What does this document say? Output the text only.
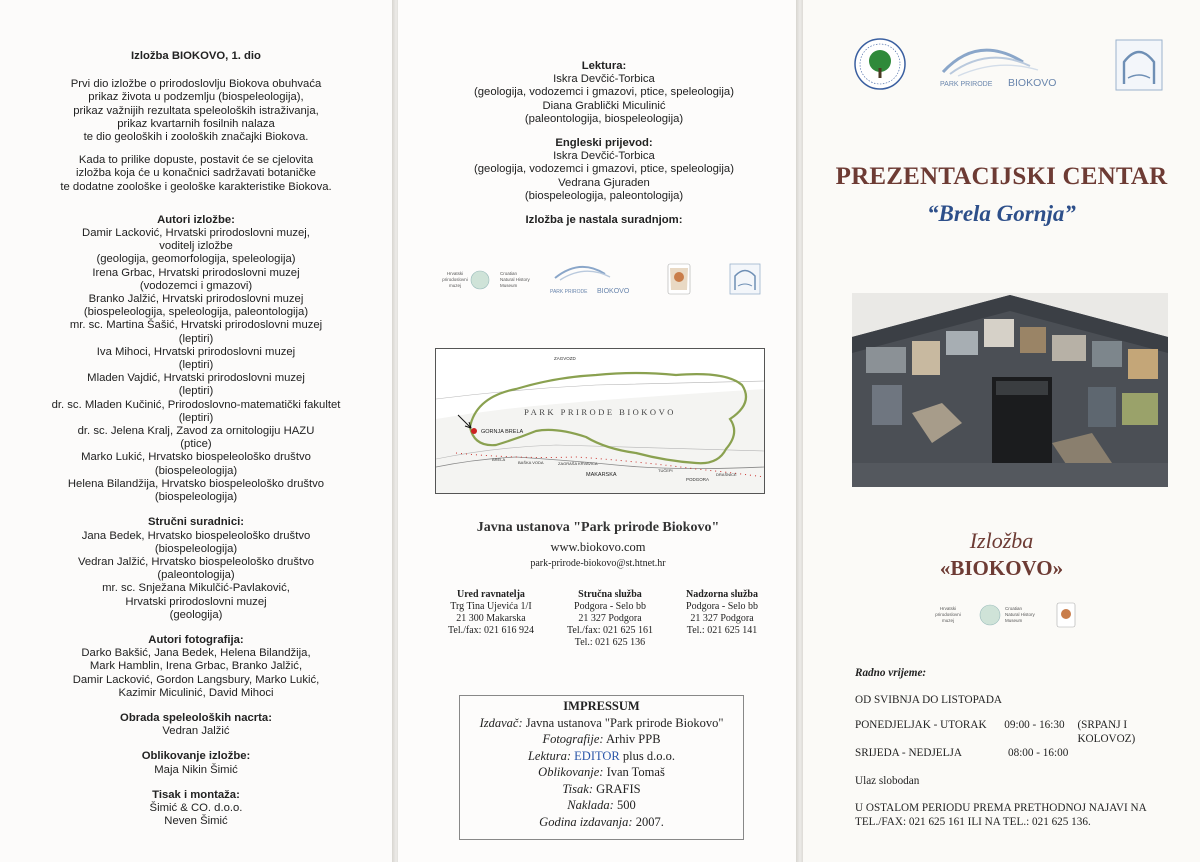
Izložba BIOKOVO, 1. dio
Prvi dio izložbe o prirodoslovlju Biokova obuhvaća
prikaz života u podzemlju (biospeleologija),
prikaz važnijih rezultata speleoloških istraživanja,
prikaz kvartarnih fosilnih nalaza
te dio geoloških i zooloških značajki Biokova.
Kada to prilike dopuste, postavit će se cjelovita
izložba koja će u konačnici sadržavati botaničke
te dodatne zoološke i geološke karakteristike Biokova.
Autori izložbe:
Damir Lacković, Hrvatski prirodoslovni muzej,
voditelj izložbe
(geologija, geomorfologija, speleologija)
Irena Grbac, Hrvatski prirodoslovni muzej
(vodozemci i gmazovi)
Branko Jalžić, Hrvatski prirodoslovni muzej
(biospeleologija, speleologija, paleontologija)
mr. sc. Martina Šašić, Hrvatski prirodoslovni muzej
(leptiri)
Iva Mihoci, Hrvatski prirodoslovni muzej
(leptiri)
Mladen Vajdić, Hrvatski prirodoslovni muzej
(leptiri)
dr. sc. Mladen Kučinić, Prirodoslovno-matematički fakultet
(leptiri)
dr. sc. Jelena Kralj, Zavod za ornitologiju HAZU
(ptice)
Marko Lukić, Hrvatsko biospeleološko društvo
(biospeleologija)
Helena Bilandžija, Hrvatsko biospeleološko društvo
(biospeleologija)
Stručni suradnici:
Jana Bedek, Hrvatsko biospeleološko društvo
(biospeleologija)
Vedran Jalžić, Hrvatsko biospeleološko društvo
(paleontologija)
mr. sc. Snježana Mikulčić-Pavlaković,
Hrvatski prirodoslovni muzej
(geologija)
Autori fotografija:
Darko Bakšić, Jana Bedek, Helena Bilandžija,
Mark Hamblin, Irena Grbac, Branko Jalžić,
Damir Lacković, Gordon Langsbury, Marko Lukić,
Kazimir Miculinić, David Mihoci
Obrada speleoloških nacrta:
Vedran Jalžić
Oblikovanje izložbe:
Maja Nikin Šimić
Tisak i montaža:
Šimić & CO. d.o.o.
Neven Šimić
Lektura:
Iskra Devčić-Torbica
(geologija, vodozemci i gmazovi, ptice, speleologija)
Diana Grablički Miculinić
(paleontologija, biospeleologija)
Engleski prijevod:
Iskra Devčić-Torbica
(geologija, vodozemci i gmazovi, ptice, speleologija)
Vedrana Gjuraden
(biospeleologija, paleontologija)
Izložba je nastala suradnjom:
Hrvatski
prirodoslovni
muzej
Croatian
Natural History
Museum
PARK PRIRODE BIOKOVO
PARK PRIRODE BIOKOVO
GORNJA BRELA
ZAGVOZD
MAKARSKA
PODGORA
BRELA
BAŠKA VODA	ZAGRAŠA KRVAVICA
TUČEPI
DRAŠNICE
Javna ustanova "Park prirode Biokovo"
www.biokovo.com
park-prirode-biokovo@st.htnet.hr
Ured ravnatelja
Trg Tina Ujevića 1/I
21 300 Makarska
Tel./fax: 021 616 924
Stručna služba
Podgora - Selo bb
21 327 Podgora
Tel./fax: 021 625 161
Tel.: 021 625 136
Nadzorna služba
Podgora - Selo bb
21 327 Podgora
Tel.: 021 625 141
IMPRESSUM
Izdavač: Javna ustanova "Park prirode Biokovo"
Fotografije: Arhiv PPB
Lektura: EDITOR plus d.o.o.
Oblikovanje: Ivan Tomaš
Tisak: GRAFIS
Naklada: 500
Godina izdavanja: 2007.
PARK PRIRODE BIOKOVO
PREZENTACIJSKI CENTAR
“Brela Gornja”
Izložba
«BIOKOVO»
Hrvatski
prirodoslovni
muzej
Croatian
Natural History
Museum
Radno vrijeme:
OD SVIBNJA DO LISTOPADA
PONEDJELJAK - UTORAK	09:00 - 16:30	(SRPANJ I KOLOVOZ)
SRIJEDA - NEDJELJA	08:00 - 16:00
Ulaz slobodan
U OSTALOM PERIODU PREMA PRETHODNOJ NAJAVI NA
TEL./FAX: 021 625 161 ILI NA TEL.: 021 625 136.
